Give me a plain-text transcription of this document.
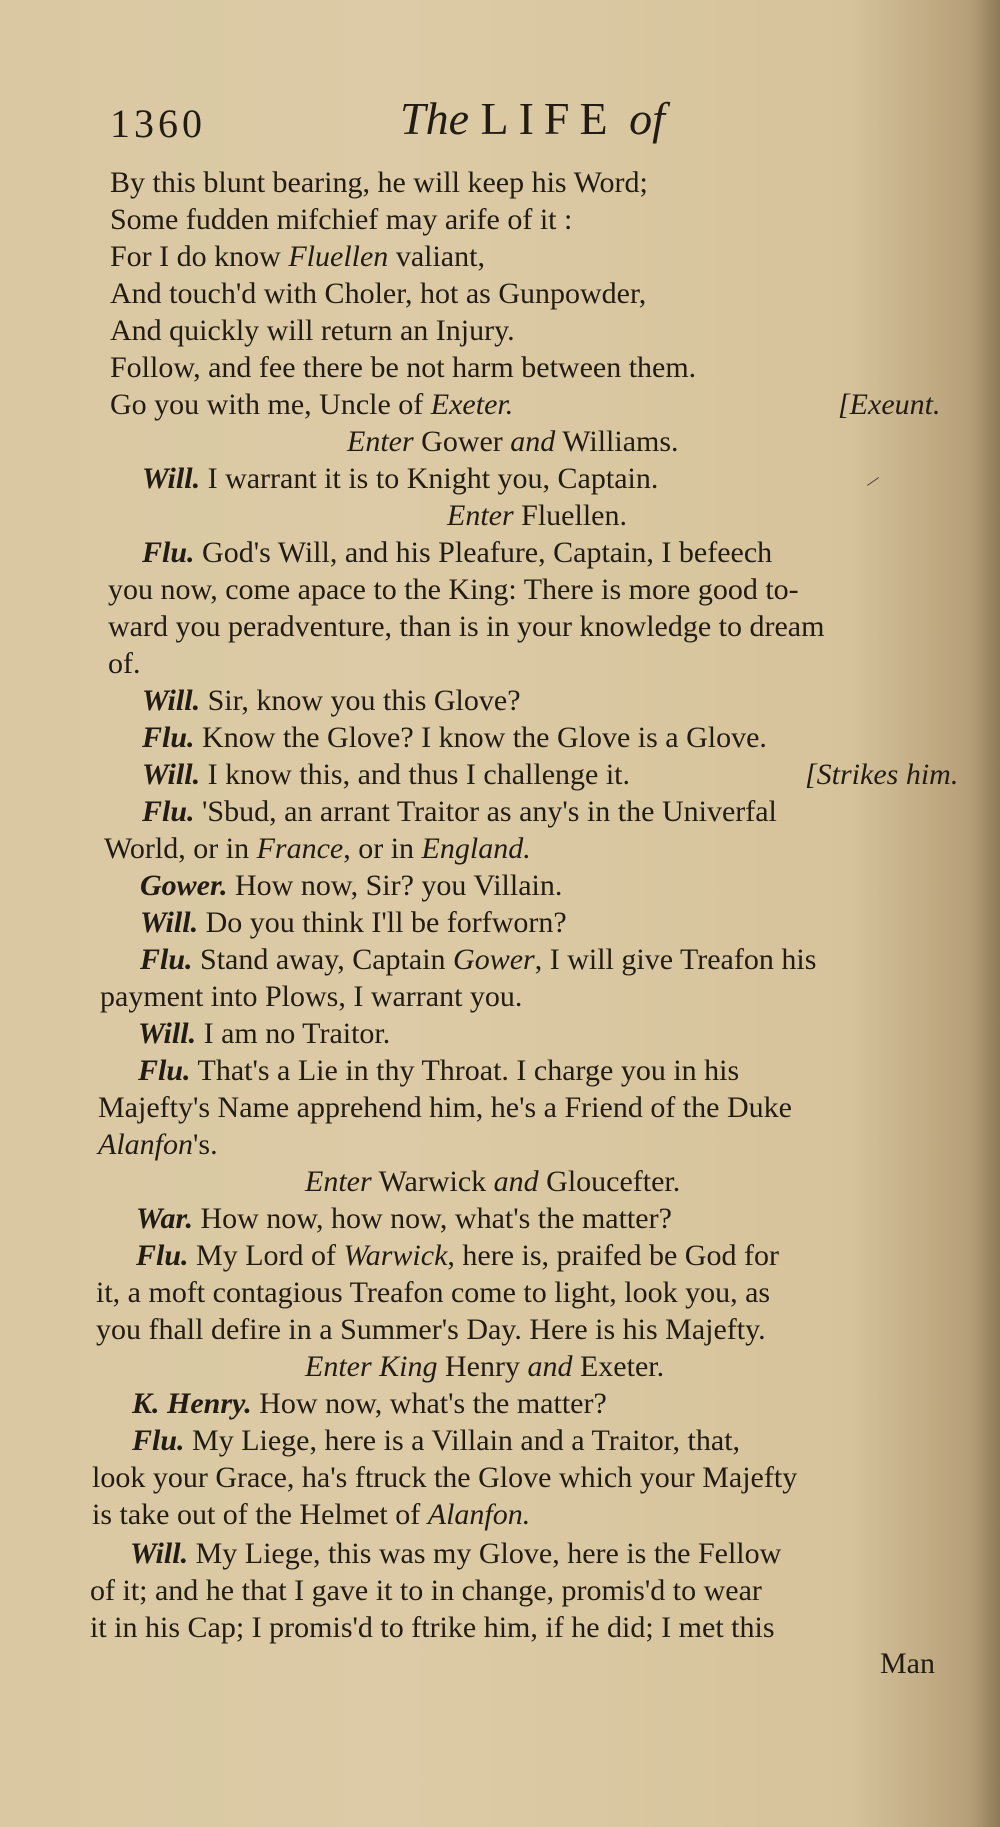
1360	The LIFE of
By this blunt bearing, he will keep his Word;
Some fudden mifchief may arife of it :
For I do know Fluellen valiant,
And touch'd with Choler, hot as Gunpowder,
And quickly will return an Injury.
Follow, and fee there be not harm between them.
Go you with me, Uncle of Exeter.	[Exeunt.
Enter Gower and Williams.
Will. I warrant it is to Knight you, Captain.
Enter Fluellen.
Flu. God's Will, and his Pleafure, Captain, I befeech
you now, come apace to the King: There is more good to-
ward you peradventure, than is in your knowledge to dream
of.
Will. Sir, know you this Glove?
Flu. Know the Glove? I know the Glove is a Glove.
Will. I know this, and thus I challenge it.	[Strikes him.
Flu. 'Sbud, an arrant Traitor as any's in the Univerfal
World, or in France, or in England.
Gower. How now, Sir? you Villain.
Will. Do you think I'll be forfworn?
Flu. Stand away, Captain Gower, I will give Treafon his
payment into Plows, I warrant you.
Will. I am no Traitor.
Flu. That's a Lie in thy Throat. I charge you in his
Majefty's Name apprehend him, he's a Friend of the Duke
Alanfon's.
Enter Warwick and Gloucefter.
War. How now, how now, what's the matter?
Flu. My Lord of Warwick, here is, praifed be God for
it, a moft contagious Treafon come to light, look you, as
you fhall defire in a Summer's Day. Here is his Majefty.
Enter King Henry and Exeter.
K. Henry. How now, what's the matter?
Flu. My Liege, here is a Villain and a Traitor, that,
look your Grace, ha's ftruck the Glove which your Majefty
is take out of the Helmet of Alanfon.
Will. My Liege, this was my Glove, here is the Fellow
of it; and he that I gave it to in change, promis'd to wear
it in his Cap; I promis'd to ftrike him, if he did; I met this
Man
